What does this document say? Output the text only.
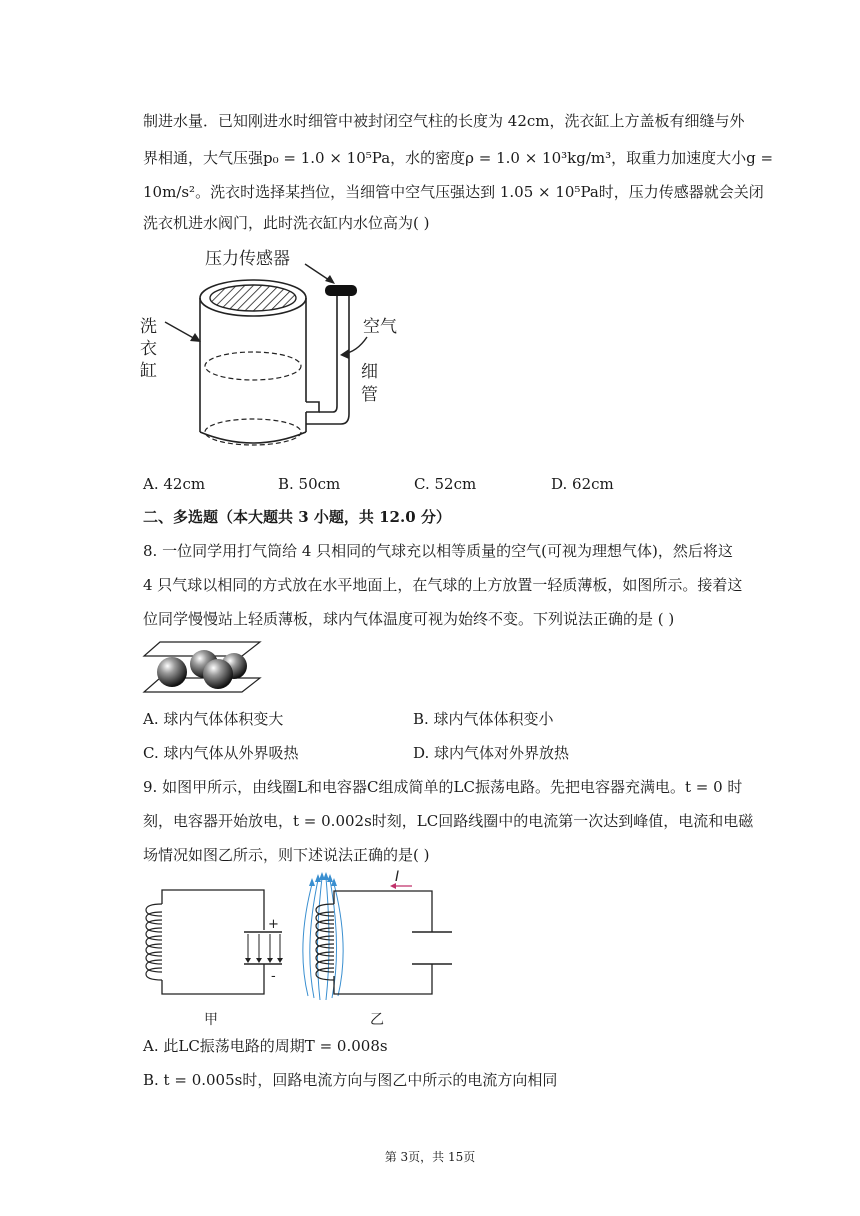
制进水量．已知刚进水时细管中被封闭空气柱的长度为 42cm，洗衣缸上方盖板有细缝与外
界相通，大气压强p₀ = 1.0 × 10⁵Pa，水的密度ρ = 1.0 × 10³kg/m³，取重力加速度大小g =
10m/s²。洗衣时选择某挡位，当细管中空气压强达到 1.05 × 10⁵Pa时，压力传感器就会关闭
洗衣机进水阀门，此时洗衣缸内水位高为( )
压力传感器
洗
衣
缸
空气
细
管
A. 42cm	B. 50cm	C. 52cm	D. 62cm
二、多选题（本大题共 3 小题，共 12.0 分）
8. 一位同学用打气筒给 4 只相同的气球充以相等质量的空气(可视为理想气体)，然后将这
4 只气球以相同的方式放在水平地面上，在气球的上方放置一轻质薄板，如图所示。接着这
位同学慢慢站上轻质薄板，球内气体温度可视为始终不变。下列说法正确的是 ( )
A. 球内气体体积变大	B. 球内气体体积变小
C. 球内气体从外界吸热	D. 球内气体对外界放热
9. 如图甲所示，由线圈L和电容器C组成简单的LC振荡电路。先把电容器充满电。t = 0 时
刻，电容器开始放电，t = 0.002s时刻，LC回路线圈中的电流第一次达到峰值，电流和电磁
场情况如图乙所示，则下述说法正确的是( )
+
-
甲
I
乙
A. 此LC振荡电路的周期T = 0.008s
B. t = 0.005s时，回路电流方向与图乙中所示的电流方向相同
第 3页，共 15页
